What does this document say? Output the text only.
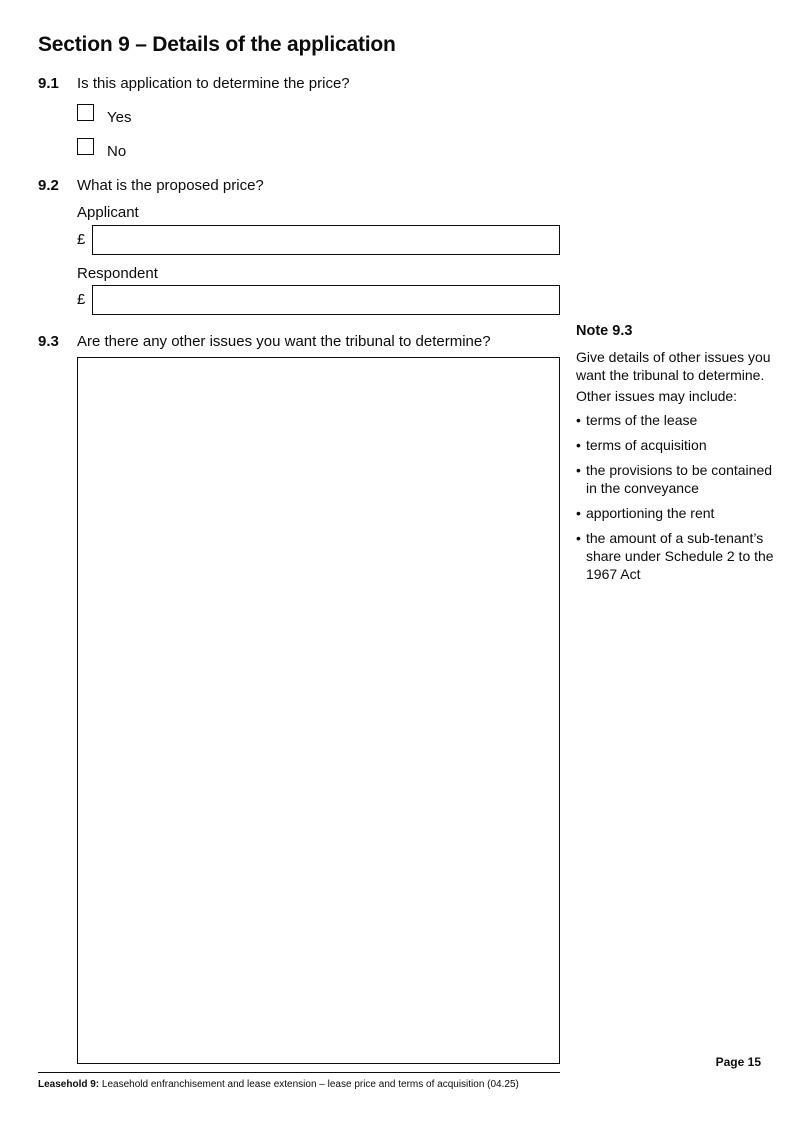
Section 9 – Details of the application
9.1 Is this application to determine the price?
Yes
No
9.2 What is the proposed price?
Applicant
£
Respondent
£
9.3 Are there any other issues you want the tribunal to determine?
Note 9.3

Give details of other issues you want the tribunal to determine.

Other issues may include:

• terms of the lease
• terms of acquisition
• the provisions to be contained in the conveyance
• apportioning the rent
• the amount of a sub-tenant’s share under Schedule 2 to the 1967 Act
Page 15
Leasehold 9: Leasehold enfranchisement and lease extension – lease price and terms of acquisition (04.25)
